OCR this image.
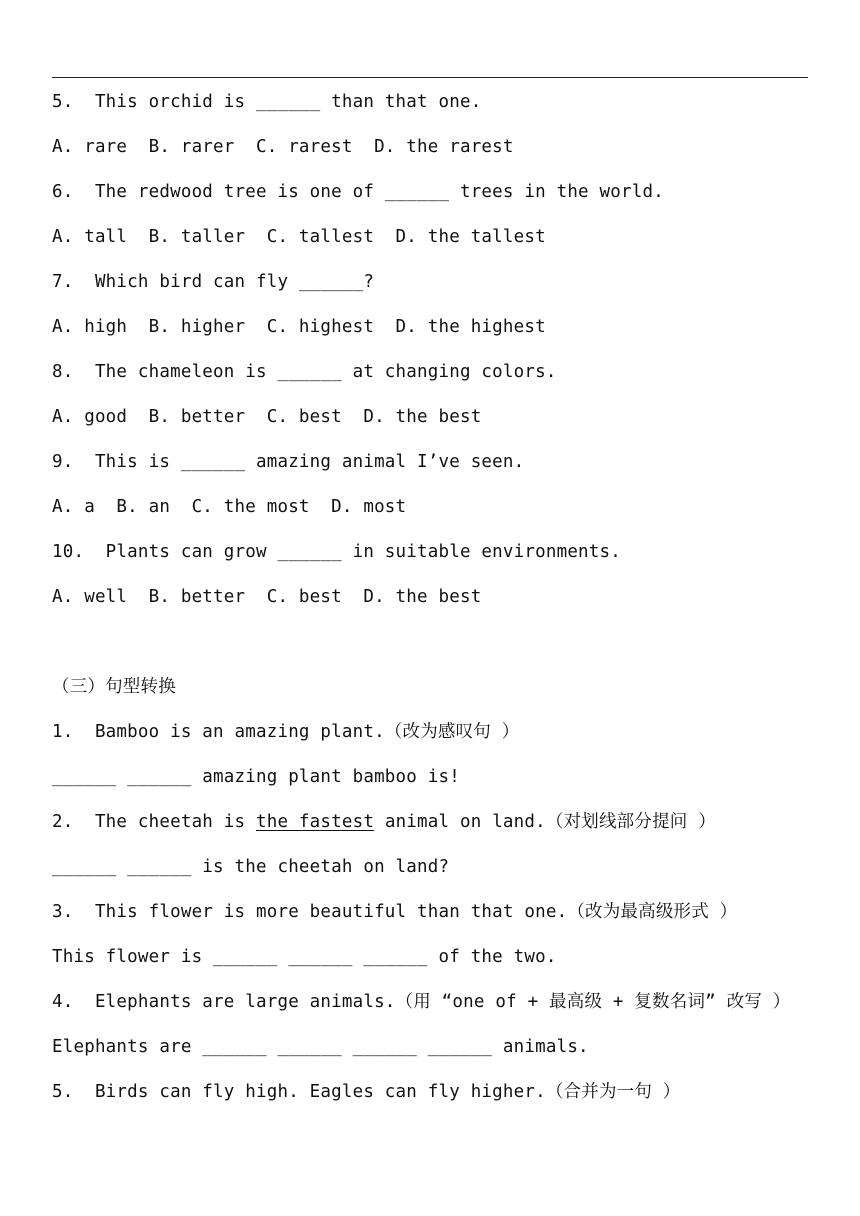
5.  This orchid is ______ than that one.
A. rare  B. rarer  C. rarest  D. the rarest
6.  The redwood tree is one of ______ trees in the world.
A. tall  B. taller  C. tallest  D. the tallest
7.  Which bird can fly ______?
A. high  B. higher  C. highest  D. the highest
8.  The chameleon is ______ at changing colors.
A. good  B. better  C. best  D. the best
9.  This is ______ amazing animal I’ve seen.
A. a  B. an  C. the most  D. most
10.  Plants can grow ______ in suitable environments.
A. well  B. better  C. best  D. the best
（三）句型转换
1.  Bamboo is an amazing plant.（改为感叹句 ）
______ ______ amazing plant bamboo is!
2.  The cheetah is the fastest animal on land.（对划线部分提问 ）
______ ______ is the cheetah on land?
3.  This flower is more beautiful than that one.（改为最高级形式 ）
This flower is ______ ______ ______ of the two.
4.  Elephants are large animals.（用 “one of + 最高级 + 复数名词” 改写 ）
Elephants are ______ ______ ______ ______ animals.
5.  Birds can fly high. Eagles can fly higher.（合并为一句 ）
